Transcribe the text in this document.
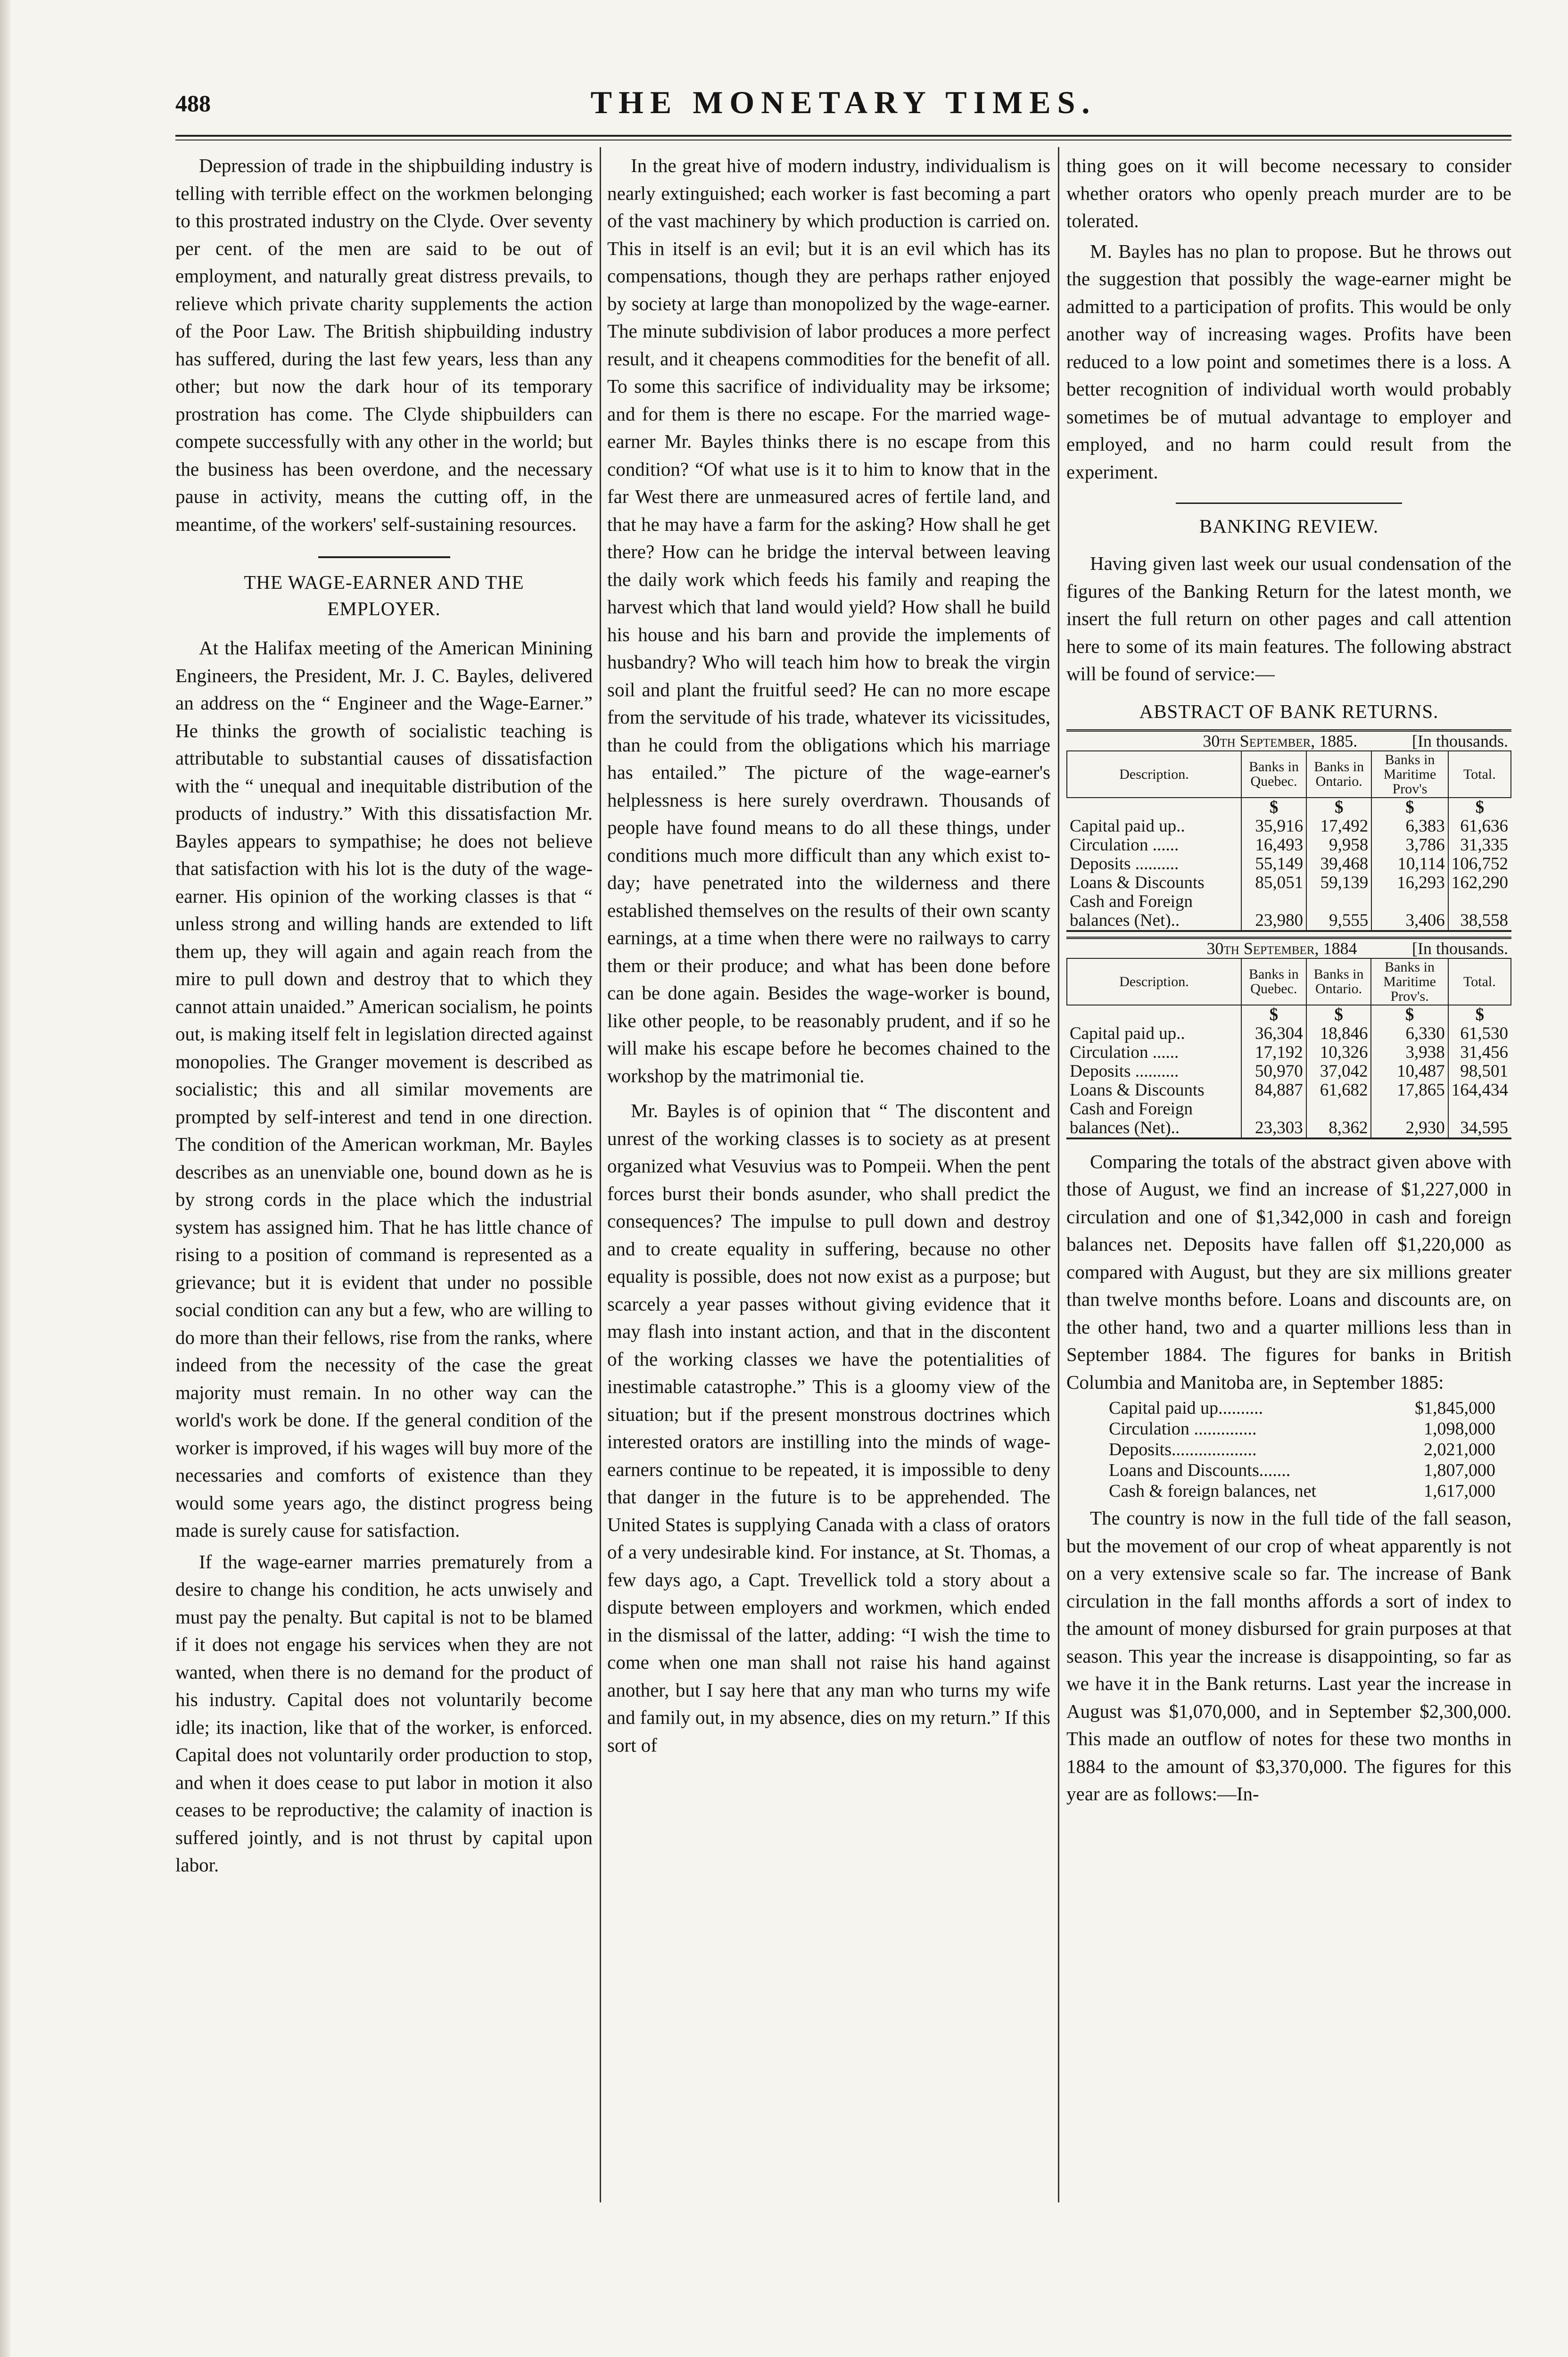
488	THE MONETARY TIMES.

Depression of trade in the shipbuilding industry is telling with terrible effect on the workmen belonging to this prostrated industry on the Clyde. Over seventy per cent. of the men are said to be out of employment, and naturally great distress prevails, to relieve which private charity supplements the action of the Poor Law. The British shipbuilding industry has suffered, during the last few years, less than any other; but now the dark hour of its temporary prostration has come. The Clyde shipbuilders can compete successfully with any other in the world; but the business has been overdone, and the necessary pause in activity, means the cutting off, in the meantime, of the workers' self-sustaining resources.

THE WAGE-EARNER AND THE EMPLOYER.

At the Halifax meeting of the American Minining Engineers, the President, Mr. J. C. Bayles, delivered an address on the “ Engineer and the Wage-Earner.” He thinks the growth of socialistic teaching is attributable to substantial causes of dissatisfaction with the “ unequal and inequitable distribution of the products of industry.” With this dissatisfaction Mr. Bayles appears to sympathise; he does not believe that satisfaction with his lot is the duty of the wage-earner. His opinion of the working classes is that “ unless strong and willing hands are extended to lift them up, they will again and again reach from the mire to pull down and destroy that to which they cannot attain unaided.” American socialism, he points out, is making itself felt in legislation directed against monopolies. The Granger movement is described as socialistic; this and all similar movements are prompted by self-interest and tend in one direction. The condition of the American workman, Mr. Bayles describes as an unenviable one, bound down as he is by strong cords in the place which the industrial system has assigned him. That he has little chance of rising to a position of command is represented as a grievance; but it is evident that under no possible social condition can any but a few, who are willing to do more than their fellows, rise from the ranks, where indeed from the necessity of the case the great majority must remain. In no other way can the world's work be done. If the general condition of the worker is improved, if his wages will buy more of the necessaries and comforts of existence than they would some years ago, the distinct progress being made is surely cause for satisfaction.

If the wage-earner marries prematurely from a desire to change his condition, he acts unwisely and must pay the penalty. But capital is not to be blamed if it does not engage his services when they are not wanted, when there is no demand for the product of his industry. Capital does not voluntarily become idle; its inaction, like that of the worker, is enforced. Capital does not voluntarily order production to stop, and when it does cease to put labor in motion it also ceases to be reproductive; the calamity of inaction is suffered jointly, and is not thrust by capital upon labor.

In the great hive of modern industry, individualism is nearly extinguished; each worker is fast becoming a part of the vast machinery by which production is carried on. This in itself is an evil; but it is an evil which has its compensations, though they are perhaps rather enjoyed by society at large than monopolized by the wage-earner. The minute subdivision of labor produces a more perfect result, and it cheapens commodities for the benefit of all. To some this sacrifice of individuality may be irksome; and for them is there no escape. For the married wage-earner Mr. Bayles thinks there is no escape from this condition? “Of what use is it to him to know that in the far West there are unmeasured acres of fertile land, and that he may have a farm for the asking? How shall he get there? How can he bridge the interval between leaving the daily work which feeds his family and reaping the harvest which that land would yield? How shall he build his house and his barn and provide the implements of husbandry? Who will teach him how to break the virgin soil and plant the fruitful seed? He can no more escape from the servitude of his trade, whatever its vicissitudes, than he could from the obligations which his marriage has entailed.” The picture of the wage-earner's helplessness is here surely overdrawn. Thousands of people have found means to do all these things, under conditions much more difficult than any which exist to-day; have penetrated into the wilderness and there established themselves on the results of their own scanty earnings, at a time when there were no railways to carry them or their produce; and what has been done before can be done again. Besides the wage-worker is bound, like other people, to be reasonably prudent, and if so he will make his escape before he becomes chained to the workshop by the matrimonial tie.

Mr. Bayles is of opinion that “ The discontent and unrest of the working classes is to society as at present organized what Vesuvius was to Pompeii. When the pent forces burst their bonds asunder, who shall predict the consequences? The impulse to pull down and destroy and to create equality in suffering, because no other equality is possible, does not now exist as a purpose; but scarcely a year passes without giving evidence that it may flash into instant action, and that in the discontent of the working classes we have the potentialities of inestimable catastrophe.” This is a gloomy view of the situation; but if the present monstrous doctrines which interested orators are instilling into the minds of wage-earners continue to be repeated, it is impossible to deny that danger in the future is to be apprehended. The United States is supplying Canada with a class of orators of a very undesirable kind. For instance, at St. Thomas, a few days ago, a Capt. Trevellick told a story about a dispute between employers and workmen, which ended in the dismissal of the latter, adding: “I wish the time to come when one man shall not raise his hand against another, but I say here that any man who turns my wife and family out, in my absence, dies on my return.” If this sort of

thing goes on it will become necessary to consider whether orators who openly preach murder are to be tolerated.

M. Bayles has no plan to propose. But he throws out the suggestion that possibly the wage-earner might be admitted to a participation of profits. This would be only another way of increasing wages. Profits have been reduced to a low point and sometimes there is a loss. A better recognition of individual worth would probably sometimes be of mutual advantage to employer and employed, and no harm could result from the experiment.

BANKING REVIEW.

Having given last week our usual condensation of the figures of the Banking Return for the latest month, we insert the full return on other pages and call attention here to some of its main features. The following abstract will be found of service:—

ABSTRACT OF BANK RETURNS.
30th September, 1885.			[In thousands.	
Description.	Banks in Quebec.	Banks in Ontario.	Banks in Maritime Prov's	Total.
	$	$	$	$
Capital paid up..	35,916	17,492	6,383	61,636
Circulation ......	16,493	9,958	3,786	31,335
Deposits ..........	55,149	39,468	10,114	106,752
Loans & Discounts	85,051	59,139	16,293	162,290
Cash and Foreign				
balances (Net)..	23,980	9,555	3,406	38,558
30th September, 1884			[In thousands.	
Description.	Banks in Quebec.	Banks in Ontario.	Banks in Maritime Prov's.	Total.
	$	$	$	$
Capital paid up..	36,304	18,846	6,330	61,530
Circulation ......	17,192	10,326	3,938	31,456
Deposits ..........	50,970	37,042	10,487	98,501
Loans & Discounts	84,887	61,682	17,865	164,434
Cash and Foreign				
balances (Net)..	23,303	8,362	2,930	34,595

Comparing the totals of the abstract given above with those of August, we find an increase of $1,227,000 in circulation and one of $1,342,000 in cash and foreign balances net. Deposits have fallen off $1,220,000 as compared with August, but they are six millions greater than twelve months before. Loans and discounts are, on the other hand, two and a quarter millions less than in September 1884. The figures for banks in British Columbia and Manitoba are, in September 1885:

Capital paid up..........	$1,845,000
Circulation ..............	1,098,000
Deposits...................	2,021,000
Loans and Discounts.......	1,807,000
Cash & foreign balances, net	1,617,000

The country is now in the full tide of the fall season, but the movement of our crop of wheat apparently is not on a very extensive scale so far. The increase of Bank circulation in the fall months affords a sort of index to the amount of money disbursed for grain purposes at that season. This year the increase is disappointing, so far as we have it in the Bank returns. Last year the increase in August was $1,070,000, and in September $2,300,000. This made an outflow of notes for these two months in 1884 to the amount of $3,370,000. The figures for this year are as follows:—In-
